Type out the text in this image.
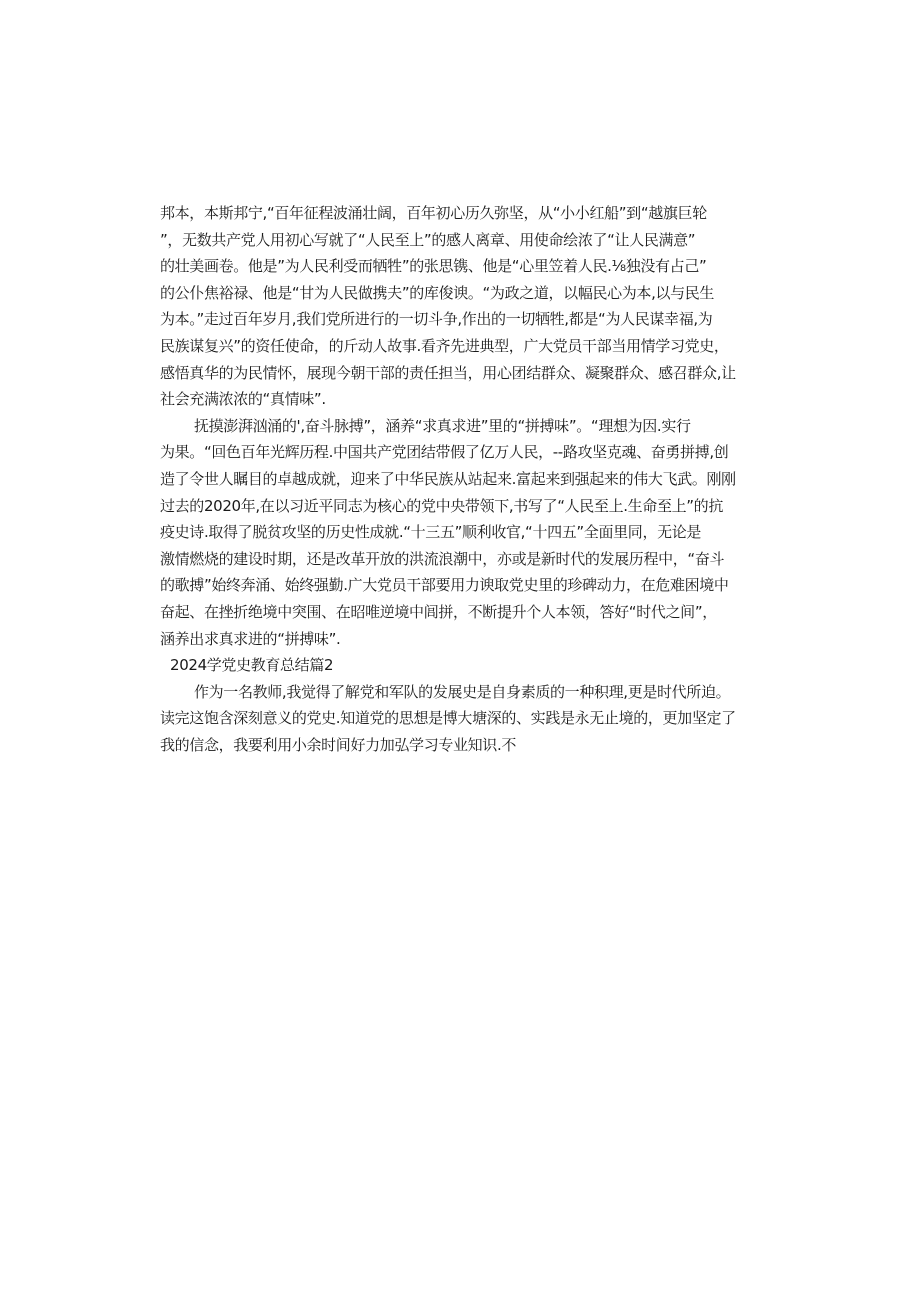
邦本，本斯邦宁,“百年征程波涌壮阔，百年初心历久弥坚，从“小小红船”到“越旗巨轮
”，无数共产党人用初心写就了“人民至上”的感人离章、用使命绘浓了“让人民满意”
的壮美画卷。他是”为人民利受而牺牲”的张思镌、他是“心里笠着人民.⅛独没有占己”
的公仆焦裕禄、他是“甘为人民做携夫”的库俊谀。“为政之道，以幅民心为本,以与民生
为本。”走过百年岁月,我们党所进行的一切斗争,作出的一切牺牲,都是“为人民谋幸福,为
民族谋复兴”的资任使命，的斤动人故事.看齐先进典型，广大党员干部当用情学习党史，
感悟真华的为民情怀，展现今朝干部的责任担当，用心团结群众、凝聚群众、感召群众,让
社会充满浓浓的“真情味”.
抚摸澎湃汹涌的',奋斗脉搏”，涵养“求真求进”里的“拼搏味”。“理想为因.实行
为果。“回色百年光辉历程.中国共产党团结带假了亿万人民，--路攻坚克魂、奋勇拼搏,创
造了令世人瞩目的卓越成就，迎来了中华民族从站起来.富起来到强起来的伟大飞武。刚刚
过去的2020年,在以习近平同志为核心的党中央带领下,书写了“人民至上.生命至上”的抗
疫史诗.取得了脱贫攻坚的历史性成就.“十三五”顺利收官,“十四五”全面里同，无论是
激情燃烧的建设时期，还是改革开放的洪流浪潮中，亦或是新时代的发展历程中，“奋斗
的歌搏”始终奔涌、始终强勤.广大党员干部要用力谀取党史里的珍碑动力，在危难困境中
奋起、在挫折绝境中突围、在昭唯逆境中闾拼，不断提升个人本领，答好“时代之间”，
涵养出求真求进的“拼搏味”.
2024学党史教育总结篇2
作为一名教师,我觉得了解党和军队的发展史是自身素质的一种积理,更是时代所迫。
读完这饱含深刻意义的党史.知道党的思想是博大塘深的、实践是永无止境的，更加坚定了
我的信念，我要利用小余时间好力加弘学习专业知识.不
